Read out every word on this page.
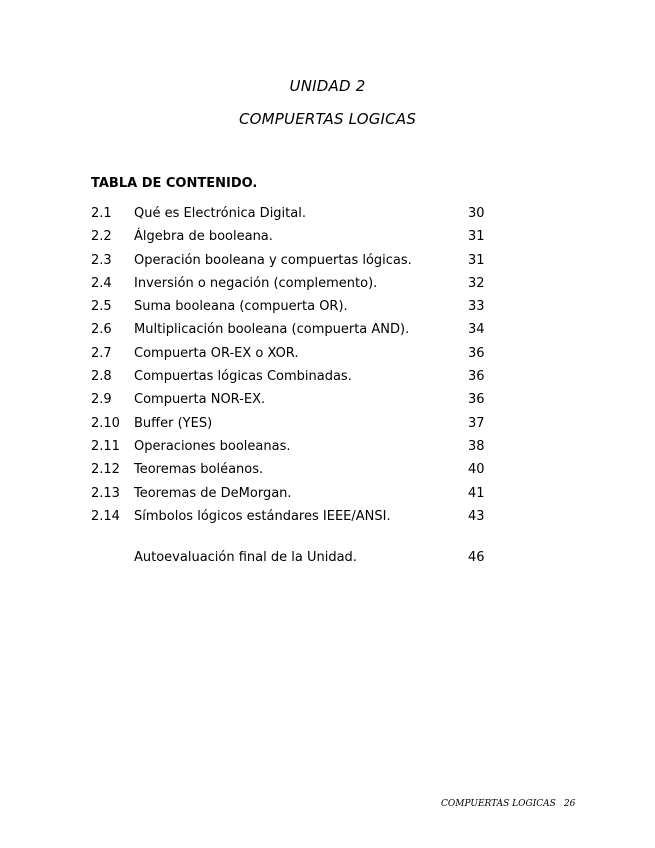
UNIDAD 2
COMPUERTAS LOGICAS
TABLA DE CONTENIDO.
2.1 Qué es Electrónica Digital.	30
2.2 Álgebra de booleana.	31
2.3 Operación booleana y compuertas lógicas.	31
2.4 Inversión o negación (complemento).	32
2.5 Suma booleana (compuerta OR).	33
2.6 Multiplicación booleana (compuerta AND).	34
2.7 Compuerta OR-EX o XOR.	36
2.8 Compuertas lógicas Combinadas.	36
2.9 Compuerta NOR-EX.	36
2.10 Buffer (YES)	37
2.11 Operaciones booleanas.	38
2.12 Teoremas boléanos.	40
2.13 Teoremas de DeMorgan.	41
2.14 Símbolos lógicos estándares IEEE/ANSI.	43
Autoevaluación final de la Unidad.	46
COMPUERTAS LOGICAS 26
